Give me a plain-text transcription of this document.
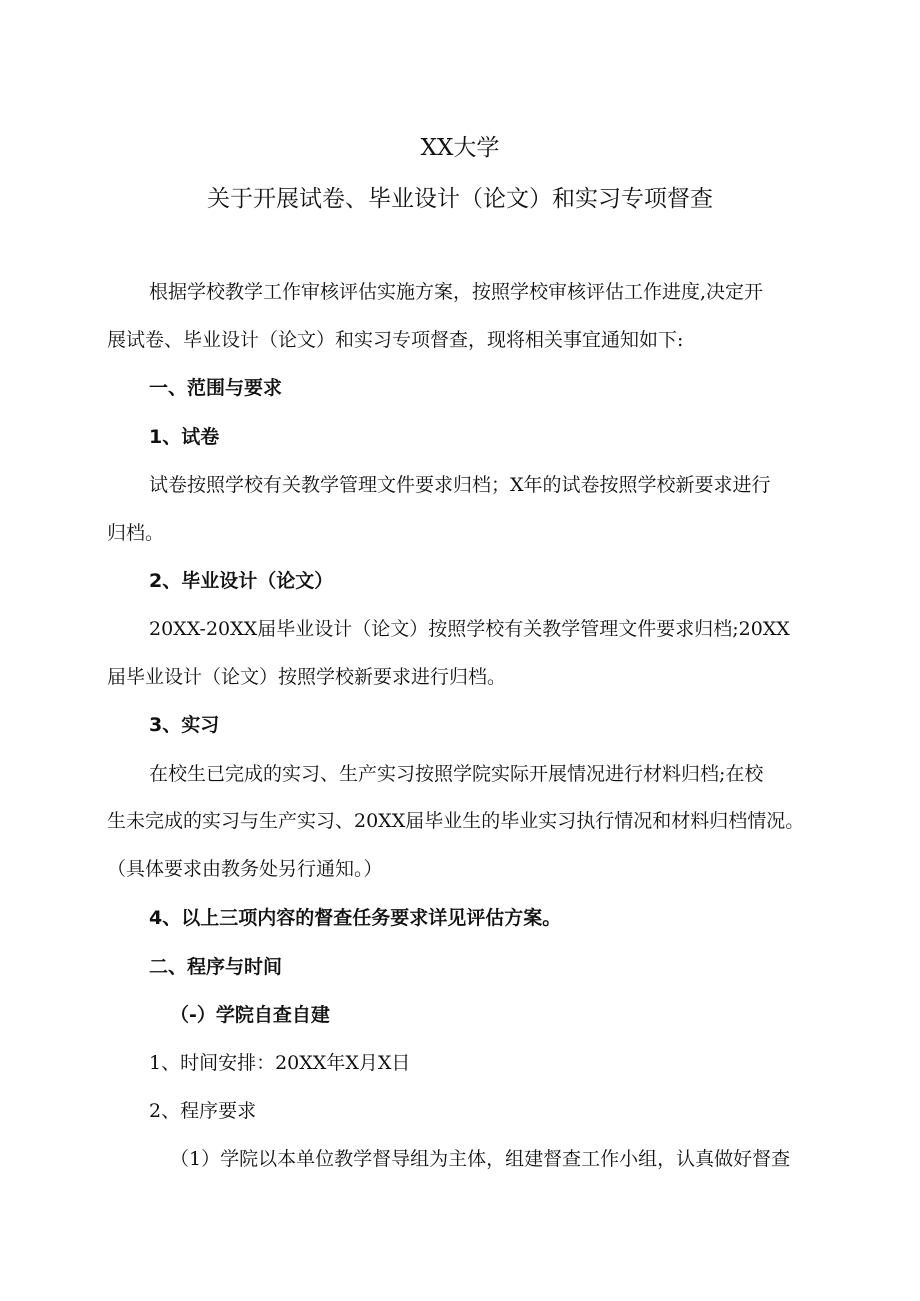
XX大学
关于开展试卷、毕业设计（论文）和实习专项督查
根据学校教学工作审核评估实施方案，按照学校审核评估工作进度,决定开
展试卷、毕业设计（论文）和实习专项督查，现将相关事宜通知如下:
一、范围与要求
1、试卷
试卷按照学校有关教学管理文件要求归档；X年的试卷按照学校新要求进行
归档。
2、毕业设计（论文）
20XX-20XX届毕业设计（论文）按照学校有关教学管理文件要求归档;20XX
届毕业设计（论文）按照学校新要求进行归档。
3、实习
在校生已完成的实习、生产实习按照学院实际开展情况进行材料归档;在校
生未完成的实习与生产实习、20XX届毕业生的毕业实习执行情况和材料归档情况。
（具体要求由教务处另行通知。）
4、以上三项内容的督查任务要求详见评估方案。
二、程序与时间
（-）学院自查自建
1、时间安排：20XX年X月X日
2、程序要求
（1）学院以本单位教学督导组为主体，组建督查工作小组，认真做好督查
